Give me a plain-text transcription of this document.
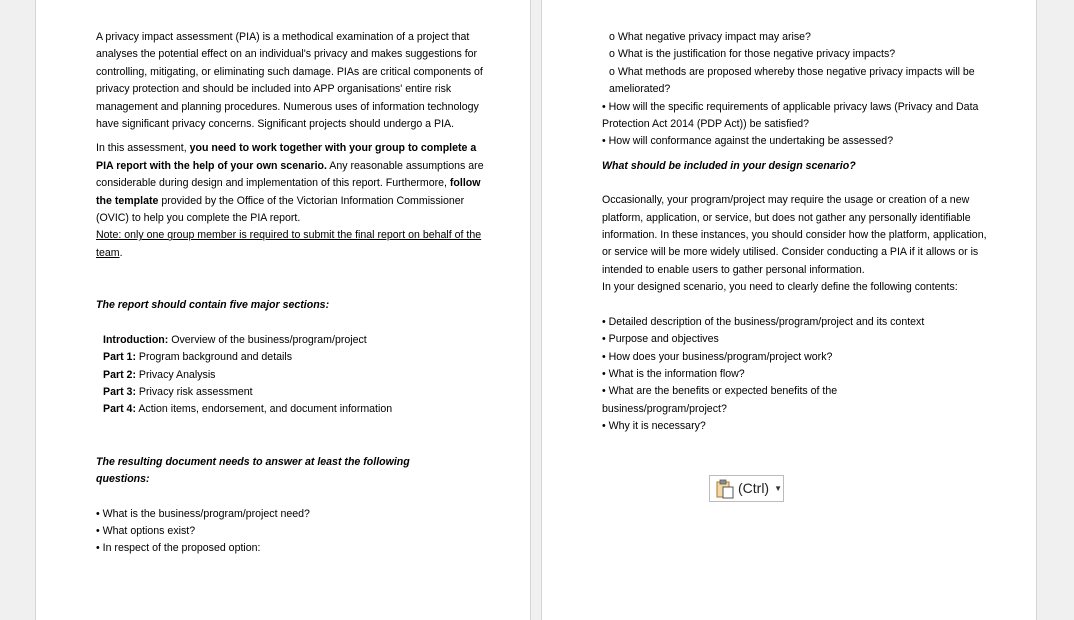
A privacy impact assessment (PIA) is a methodical examination of a project that analyses the potential effect on an individual's privacy and makes suggestions for controlling, mitigating, or eliminating such damage. PIAs are critical components of privacy protection and should be included into APP organisations' entire risk management and planning procedures. Numerous uses of information technology have significant privacy concerns. Significant projects should undergo a PIA.

In this assessment, you need to work together with your group to complete a PIA report with the help of your own scenario. Any reasonable assumptions are considerable during design and implementation of this report. Furthermore, follow the template provided by the Office of the Victorian Information Commissioner (OVIC) to help you complete the PIA report.

Note: only one group member is required to submit the final report on behalf of the team.

The report should contain five major sections:

Introduction: Overview of the business/program/project

Part 1: Program background and details

Part 2: Privacy Analysis

Part 3: Privacy risk assessment

Part 4: Action items, endorsement, and document information

The resulting document needs to answer at least the following questions:

• What is the business/program/project need?

• What options exist?

• In respect of the proposed option:

o What negative privacy impact may arise?

o What is the justification for those negative privacy impacts?

o What methods are proposed whereby those negative privacy impacts will be ameliorated?

• How will the specific requirements of applicable privacy laws (Privacy and Data Protection Act 2014 (PDP Act)) be satisfied?

• How will conformance against the undertaking be assessed?

What should be included in your design scenario?

Occasionally, your program/project may require the usage or creation of a new platform, application, or service, but does not gather any personally identifiable information. In these instances, you should consider how the platform, application, or service will be more widely utilised. Consider conducting a PIA if it allows or is intended to enable users to gather personal information.

In your designed scenario, you need to clearly define the following contents:

• Detailed description of the business/program/project and its context

• Purpose and objectives

• How does your business/program/project work?

• What is the information flow?

• What are the benefits or expected benefits of the business/program/project?

• Why it is necessary?

(Ctrl) ▼
